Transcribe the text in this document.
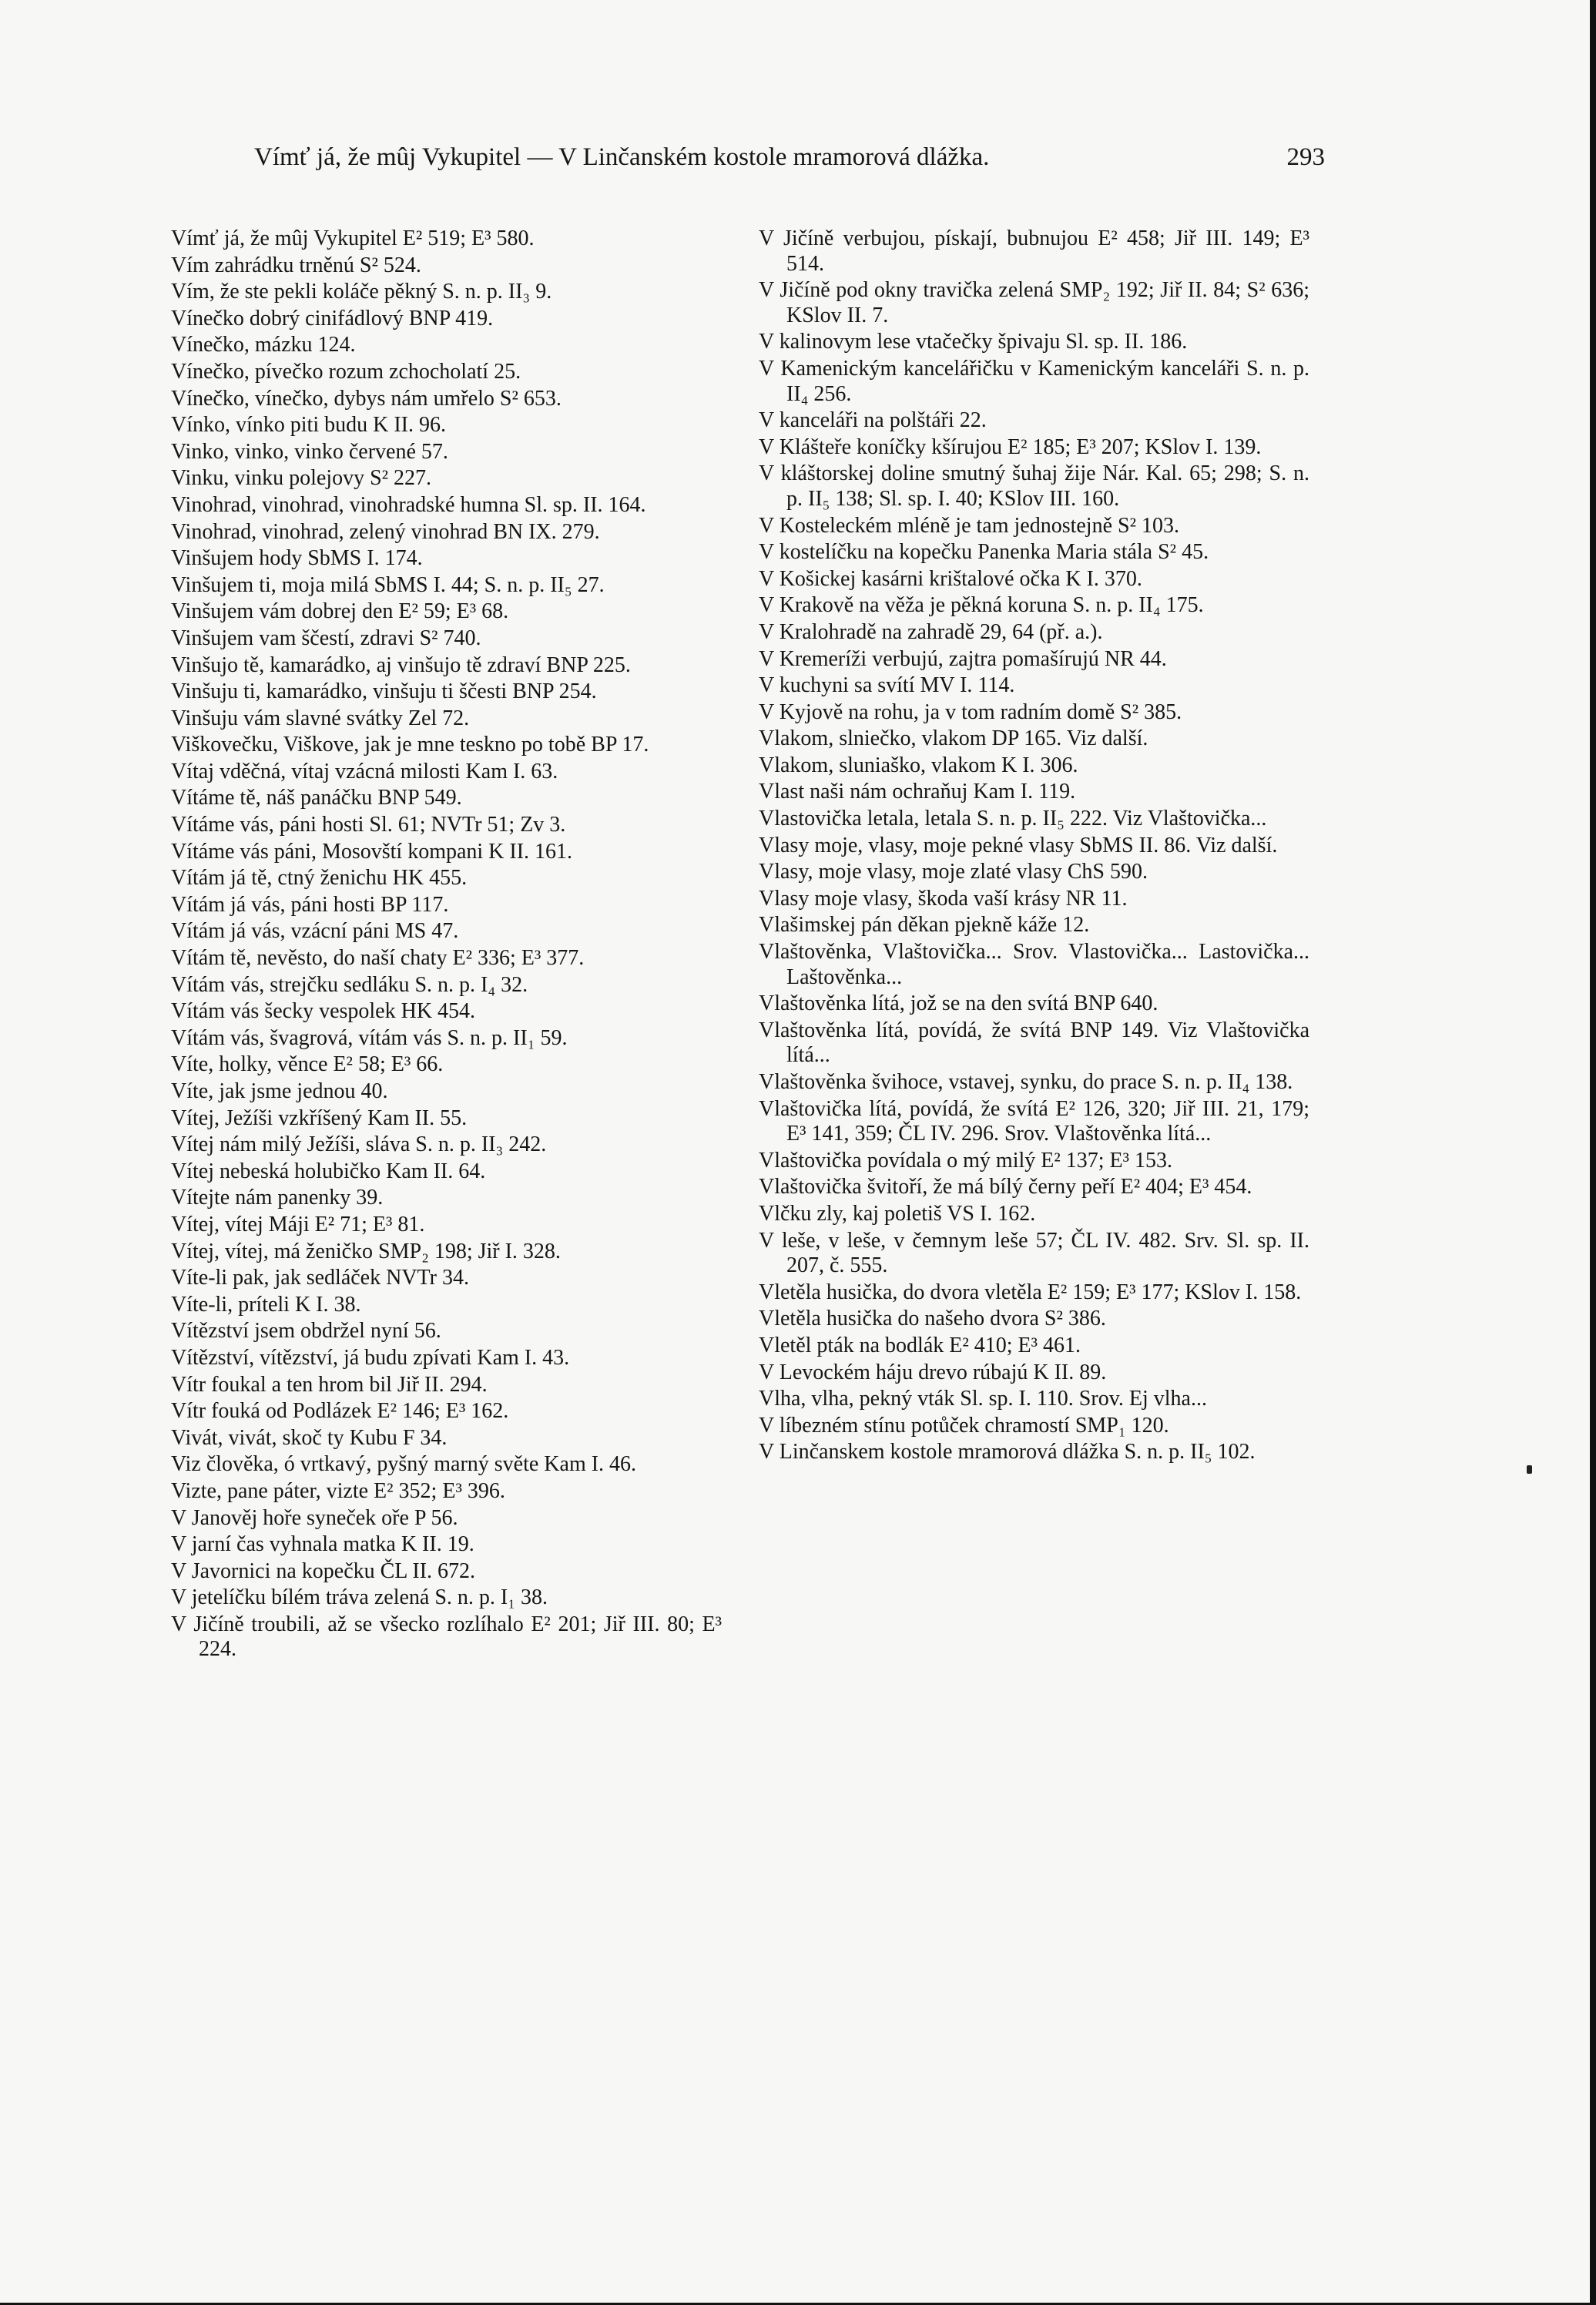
Vímť já, že mûj Vykupitel — V Linčanském kostole mramorová dlážka.	293

Vímť já, že mûj Vykupitel E² 519; E³ 580.

Vím zahrádku trněnú S² 524.

Vím, že ste pekli koláče pěkný S. n. p. II₃ 9.

Vínečko dobrý cinifádlový BNP 419.

Vínečko, mázku 124.

Vínečko, pívečko rozum zchocholatí 25.

Vínečko, vínečko, dybys nám umřelo S² 653.

Vínko, vínko piti budu K II. 96.

Vinko, vinko, vinko červené 57.

Vinku, vinku polejovy S² 227.

Vinohrad, vinohrad, vinohradské humna Sl. sp. II. 164.

Vinohrad, vinohrad, zelený vinohrad BN IX. 279.

Vinšujem hody SbMS I. 174.

Vinšujem ti, moja milá SbMS I. 44; S. n. p. II₅ 27.

Vinšujem vám dobrej den E² 59; E³ 68.

Vinšujem vam ščestí, zdravi S² 740.

Vinšujo tě, kamarádko, aj vinšujo tě zdraví BNP 225.

Vinšuju ti, kamarádko, vinšuju ti ščesti BNP 254.

Vinšuju vám slavné svátky Zel 72.

Viškovečku, Viškove, jak je mne teskno po tobě BP 17.

Vítaj vděčná, vítaj vzácná milosti Kam I. 63.

Vítáme tě, náš panáčku BNP 549.

Vítáme vás, páni hosti Sl. 61; NVTr 51; Zv 3.

Vítáme vás páni, Mosovští kompani K II. 161.

Vítám já tě, ctný ženichu HK 455.

Vítám já vás, páni hosti BP 117.

Vítám já vás, vzácní páni MS 47.

Vítám tě, nevěsto, do naší chaty E² 336; E³ 377.

Vítám vás, strejčku sedláku S. n. p. I₄ 32.

Vítám vás šecky vespolek HK 454.

Vítám vás, švagrová, vítám vás S. n. p. II₁ 59.

Víte, holky, věnce E² 58; E³ 66.

Víte, jak jsme jednou 40.

Vítej, Ježíši vzkříšený Kam II. 55.

Vítej nám milý Ježíši, sláva S. n. p. II₃ 242.

Vítej nebeská holubičko Kam II. 64.

Vítejte nám panenky 39.

Vítej, vítej Máji E² 71; E³ 81.

Vítej, vítej, má ženičko SMP₂ 198; Jiř I. 328.

Víte-li pak, jak sedláček NVTr 34.

Víte-li, príteli K I. 38.

Vítězství jsem obdržel nyní 56.

Vítězství, vítězství, já budu zpívati Kam I. 43.

Vítr foukal a ten hrom bil Jiř II. 294.

Vítr fouká od Podlázek E² 146; E³ 162.

Vivát, vivát, skoč ty Kubu F 34.

Viz člověka, ó vrtkavý, pyšný marný světe Kam I. 46.

Vizte, pane páter, vizte E² 352; E³ 396.

V Janověj hoře syneček oře P 56.

V jarní čas vyhnala matka K II. 19.

V Javornici na kopečku ČL II. 672.

V jetelíčku bílém tráva zelená S. n. p. I₁ 38.

V Jičíně troubili, až se všecko rozlíhalo E² 201; Jiř III. 80; E³ 224.

V Jičíně verbujou, pískají, bubnujou E² 458; Jiř III. 149; E³ 514.

V Jičíně pod okny travička zelená SMP₂ 192; Jiř II. 84; S² 636; KSlov II. 7.

V kalinovym lese vtačečky špivaju Sl. sp. II. 186.

V Kamenickým kancelářičku v Kamenickým kanceláři S. n. p. II₄ 256.

V kanceláři na polštáři 22.

V Klášteře koníčky kšírujou E² 185; E³ 207; KSlov I. 139.

V kláštorskej doline smutný šuhaj žije Nár. Kal. 65; 298; S. n. p. II₅ 138; Sl. sp. I. 40; KSlov III. 160.

V Kosteleckém mléně je tam jednostejně S² 103.

V kostelíčku na kopečku Panenka Maria stála S² 45.

V Košickej kasárni krištalové očka K I. 370.

V Krakově na věža je pěkná koruna S. n. p. II₄ 175.

V Kralohradě na zahradě 29, 64 (př. a.).

V Kremeríži verbujú, zajtra pomašírujú NR 44.

V kuchyni sa svítí MV I. 114.

V Kyjově na rohu, ja v tom radním domě S² 385.

Vlakom, slniečko, vlakom DP 165. Viz další.

Vlakom, sluniaško, vlakom K I. 306.

Vlast naši nám ochraňuj Kam I. 119.

Vlastovička letala, letala S. n. p. II₅ 222. Viz Vlaštovička...

Vlasy moje, vlasy, moje pekné vlasy SbMS II. 86. Viz další.

Vlasy, moje vlasy, moje zlaté vlasy ChS 590.

Vlasy moje vlasy, škoda vaší krásy NR 11.

Vlašimskej pán děkan pjekně káže 12.

Vlaštověnka, Vlaštovička... Srov. Vlastovička... Lastovička... Laštověnka...

Vlaštověnka lítá, jož se na den svítá BNP 640.

Vlaštověnka lítá, povídá, že svítá BNP 149. Viz Vlaštovička lítá...

Vlaštověnka švihoce, vstavej, synku, do prace S. n. p. II₄ 138.

Vlaštovička lítá, povídá, že svítá E² 126, 320; Jiř III. 21, 179; E³ 141, 359; ČL IV. 296. Srov. Vlaštověnka lítá...

Vlaštovička povídala o mý milý E² 137; E³ 153.

Vlaštovička švitoří, že má bílý černy peří E² 404; E³ 454.

Vlčku zly, kaj poletiš VS I. 162.

V leše, v leše, v čemnym leše 57; ČL IV. 482. Srv. Sl. sp. II. 207, č. 555.

Vletěla husička, do dvora vletěla E² 159; E³ 177; KSlov I. 158.

Vletěla husička do našeho dvora S² 386.

Vletěl pták na bodlák E² 410; E³ 461.

V Levockém háju drevo rúbajú K II. 89.

Vlha, vlha, pekný vták Sl. sp. I. 110. Srov. Ej vlha...

V líbezném stínu potůček chramostí SMP₁ 120.

V Linčanskem kostole mramorová dlážka S. n. p. II₅ 102.
